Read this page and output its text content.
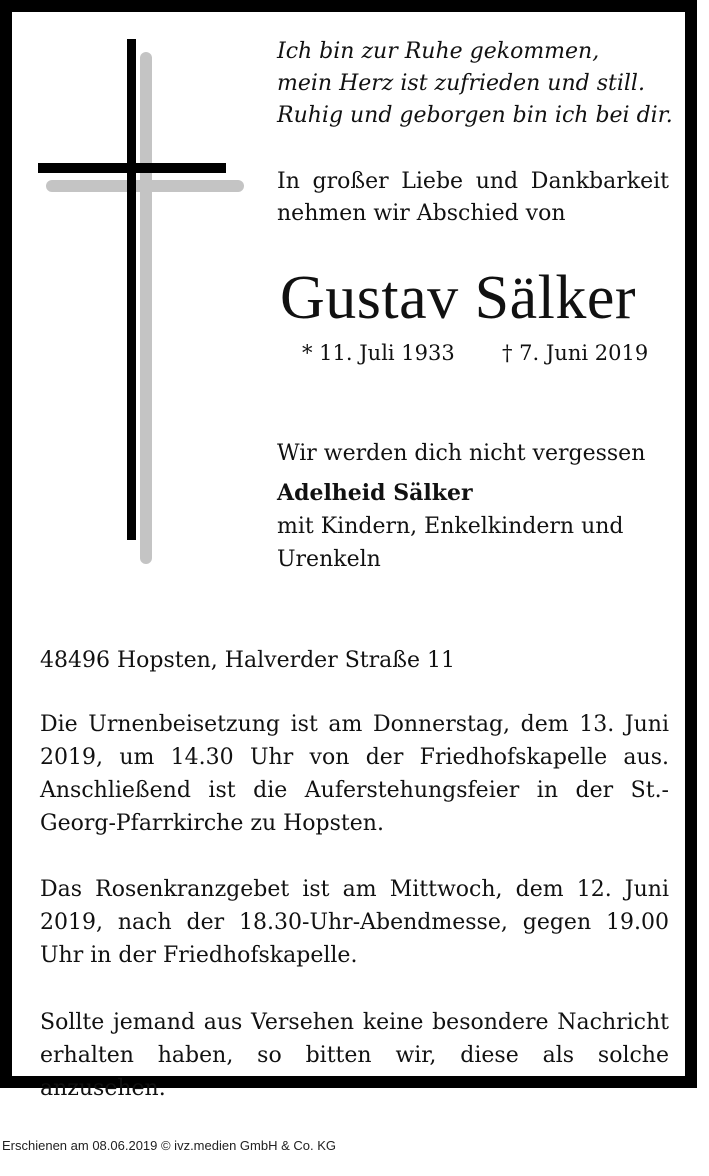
Ich bin zur Ruhe gekommen,
mein Herz ist zufrieden und still.
Ruhig und geborgen bin ich bei dir.
In großer Liebe und Dankbarkeit
nehmen wir Abschied von
Gustav Sälker
* 11. Juli 1933 † 7. Juni 2019
Wir werden dich nicht vergessen
Adelheid Sälker
mit Kindern, Enkelkindern und
Urenkeln
48496 Hopsten, Halverder Straße 11
Die Urnenbeisetzung ist am Donnerstag, dem 13. Juni 2019, um 14.30 Uhr von der Friedhofskapelle aus. Anschließend ist die Auferstehungsfeier in der St.-Georg-Pfarrkirche zu Hopsten.
Das Rosenkranzgebet ist am Mittwoch, dem 12. Juni 2019, nach der 18.30-Uhr-Abendmesse, gegen 19.00 Uhr in der Friedhofskapelle.
Sollte jemand aus Versehen keine besondere Nachricht erhalten haben, so bitten wir, diese als solche anzusehen.
Erschienen am 08.06.2019 © ivz.medien GmbH & Co. KG
